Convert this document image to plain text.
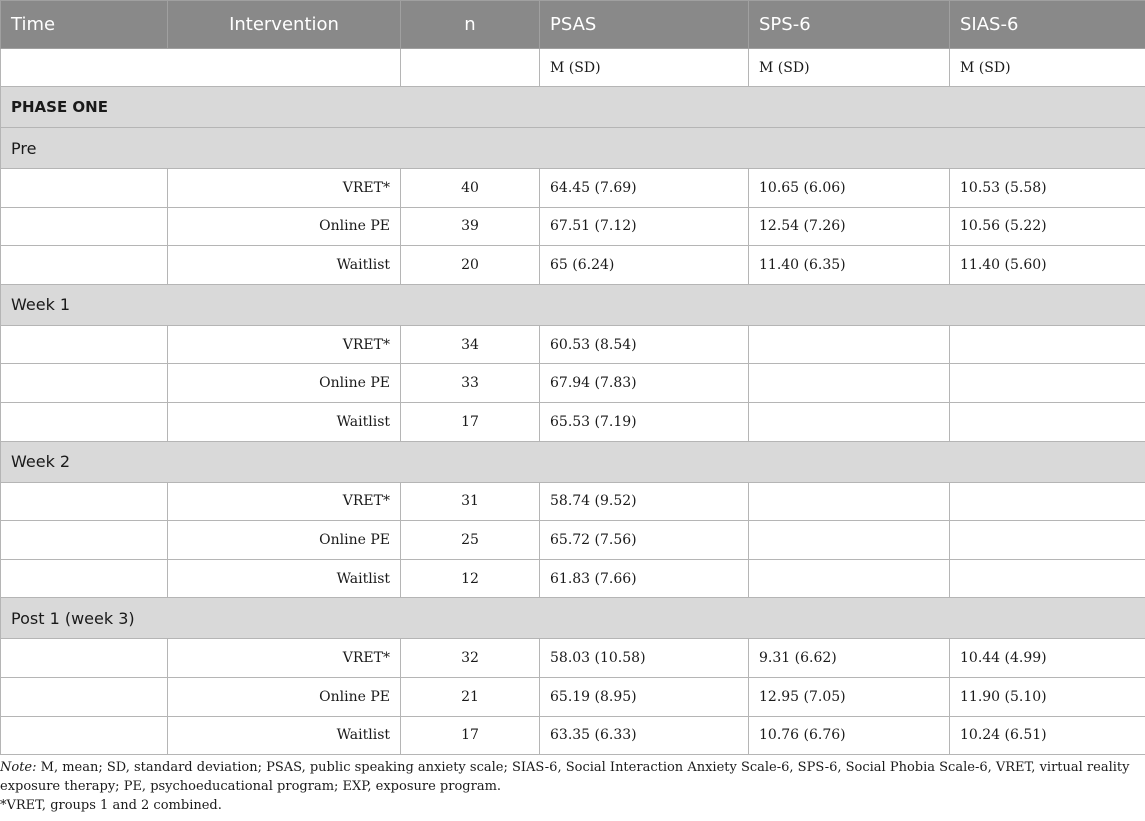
Time	Intervention	n	PSAS	SPS-6	SIAS-6
			M (SD)	M (SD)	M (SD)
PHASE ONE					
Pre					
	VRET*	40	64.45 (7.69)	10.65 (6.06)	10.53 (5.58)
	Online PE	39	67.51 (7.12)	12.54 (7.26)	10.56 (5.22)
	Waitlist	20	65 (6.24)	11.40 (6.35)	11.40 (5.60)
Week 1					
	VRET*	34	60.53 (8.54)		
	Online PE	33	67.94 (7.83)		
	Waitlist	17	65.53 (7.19)		
Week 2					
	VRET*	31	58.74 (9.52)		
	Online PE	25	65.72 (7.56)		
	Waitlist	12	61.83 (7.66)		
Post 1 (week 3)					
	VRET*	32	58.03 (10.58)	9.31 (6.62)	10.44 (4.99)
	Online PE	21	65.19 (8.95)	12.95 (7.05)	11.90 (5.10)
	Waitlist	17	63.35 (6.33)	10.76 (6.76)	10.24 (6.51)

Note: M, mean; SD, standard deviation; PSAS, public speaking anxiety scale; SIAS-6, Social Interaction Anxiety Scale-6, SPS-6, Social Phobia Scale-6, VRET, virtual reality exposure therapy; PE, psychoeducational program; EXP, exposure program.

*VRET, groups 1 and 2 combined.
